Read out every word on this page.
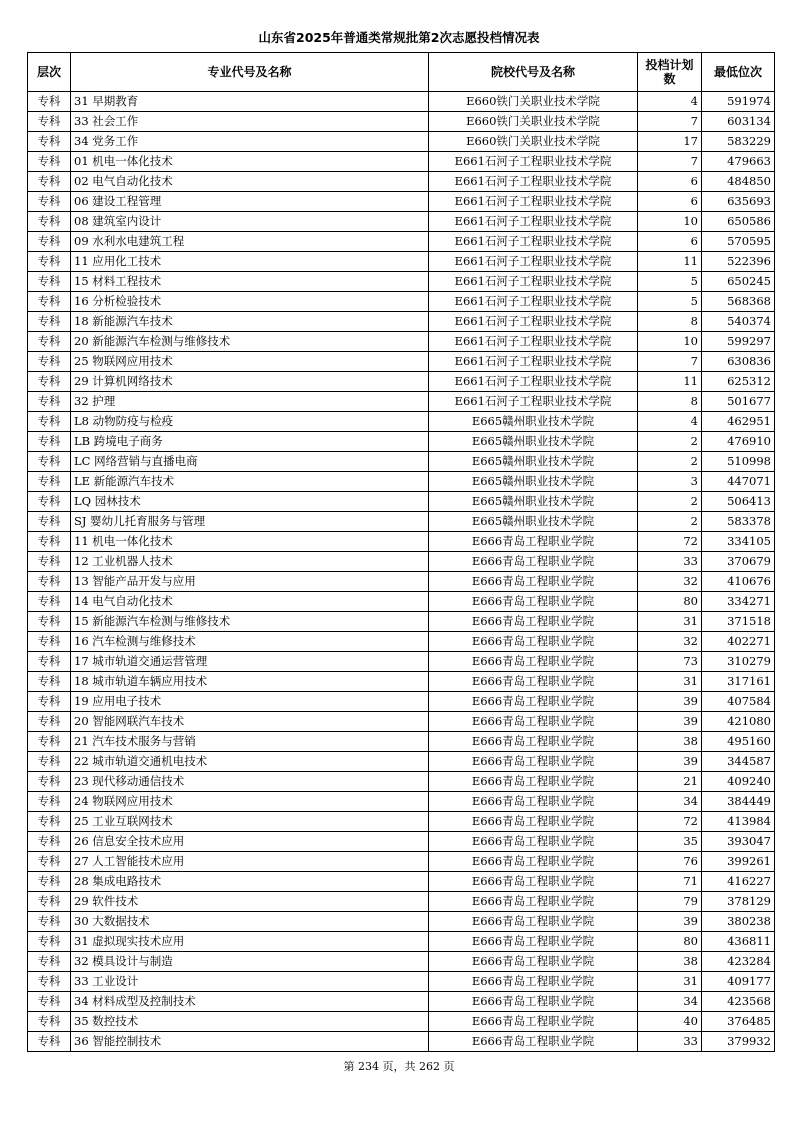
山东省2025年普通类常规批第2次志愿投档情况表
层次	专业代号及名称	院校代号及名称	投档计划数	最低位次
专科	31 早期教育	E660铁门关职业技术学院	4	591974
专科	33 社会工作	E660铁门关职业技术学院	7	603134
专科	34 党务工作	E660铁门关职业技术学院	17	583229
专科	01 机电一体化技术	E661石河子工程职业技术学院	7	479663
专科	02 电气自动化技术	E661石河子工程职业技术学院	6	484850
专科	06 建设工程管理	E661石河子工程职业技术学院	6	635693
专科	08 建筑室内设计	E661石河子工程职业技术学院	10	650586
专科	09 水利水电建筑工程	E661石河子工程职业技术学院	6	570595
专科	11 应用化工技术	E661石河子工程职业技术学院	11	522396
专科	15 材料工程技术	E661石河子工程职业技术学院	5	650245
专科	16 分析检验技术	E661石河子工程职业技术学院	5	568368
专科	18 新能源汽车技术	E661石河子工程职业技术学院	8	540374
专科	20 新能源汽车检测与维修技术	E661石河子工程职业技术学院	10	599297
专科	25 物联网应用技术	E661石河子工程职业技术学院	7	630836
专科	29 计算机网络技术	E661石河子工程职业技术学院	11	625312
专科	32 护理	E661石河子工程职业技术学院	8	501677
专科	L8 动物防疫与检疫	E665赣州职业技术学院	4	462951
专科	LB 跨境电子商务	E665赣州职业技术学院	2	476910
专科	LC 网络营销与直播电商	E665赣州职业技术学院	2	510998
专科	LE 新能源汽车技术	E665赣州职业技术学院	3	447071
专科	LQ 园林技术	E665赣州职业技术学院	2	506413
专科	SJ 婴幼儿托育服务与管理	E665赣州职业技术学院	2	583378
专科	11 机电一体化技术	E666青岛工程职业学院	72	334105
专科	12 工业机器人技术	E666青岛工程职业学院	33	370679
专科	13 智能产品开发与应用	E666青岛工程职业学院	32	410676
专科	14 电气自动化技术	E666青岛工程职业学院	80	334271
专科	15 新能源汽车检测与维修技术	E666青岛工程职业学院	31	371518
专科	16 汽车检测与维修技术	E666青岛工程职业学院	32	402271
专科	17 城市轨道交通运营管理	E666青岛工程职业学院	73	310279
专科	18 城市轨道车辆应用技术	E666青岛工程职业学院	31	317161
专科	19 应用电子技术	E666青岛工程职业学院	39	407584
专科	20 智能网联汽车技术	E666青岛工程职业学院	39	421080
专科	21 汽车技术服务与营销	E666青岛工程职业学院	38	495160
专科	22 城市轨道交通机电技术	E666青岛工程职业学院	39	344587
专科	23 现代移动通信技术	E666青岛工程职业学院	21	409240
专科	24 物联网应用技术	E666青岛工程职业学院	34	384449
专科	25 工业互联网技术	E666青岛工程职业学院	72	413984
专科	26 信息安全技术应用	E666青岛工程职业学院	35	393047
专科	27 人工智能技术应用	E666青岛工程职业学院	76	399261
专科	28 集成电路技术	E666青岛工程职业学院	71	416227
专科	29 软件技术	E666青岛工程职业学院	79	378129
专科	30 大数据技术	E666青岛工程职业学院	39	380238
专科	31 虚拟现实技术应用	E666青岛工程职业学院	80	436811
专科	32 模具设计与制造	E666青岛工程职业学院	38	423284
专科	33 工业设计	E666青岛工程职业学院	31	409177
专科	34 材料成型及控制技术	E666青岛工程职业学院	34	423568
专科	35 数控技术	E666青岛工程职业学院	40	376485
专科	36 智能控制技术	E666青岛工程职业学院	33	379932
第 234 页，共 262 页
